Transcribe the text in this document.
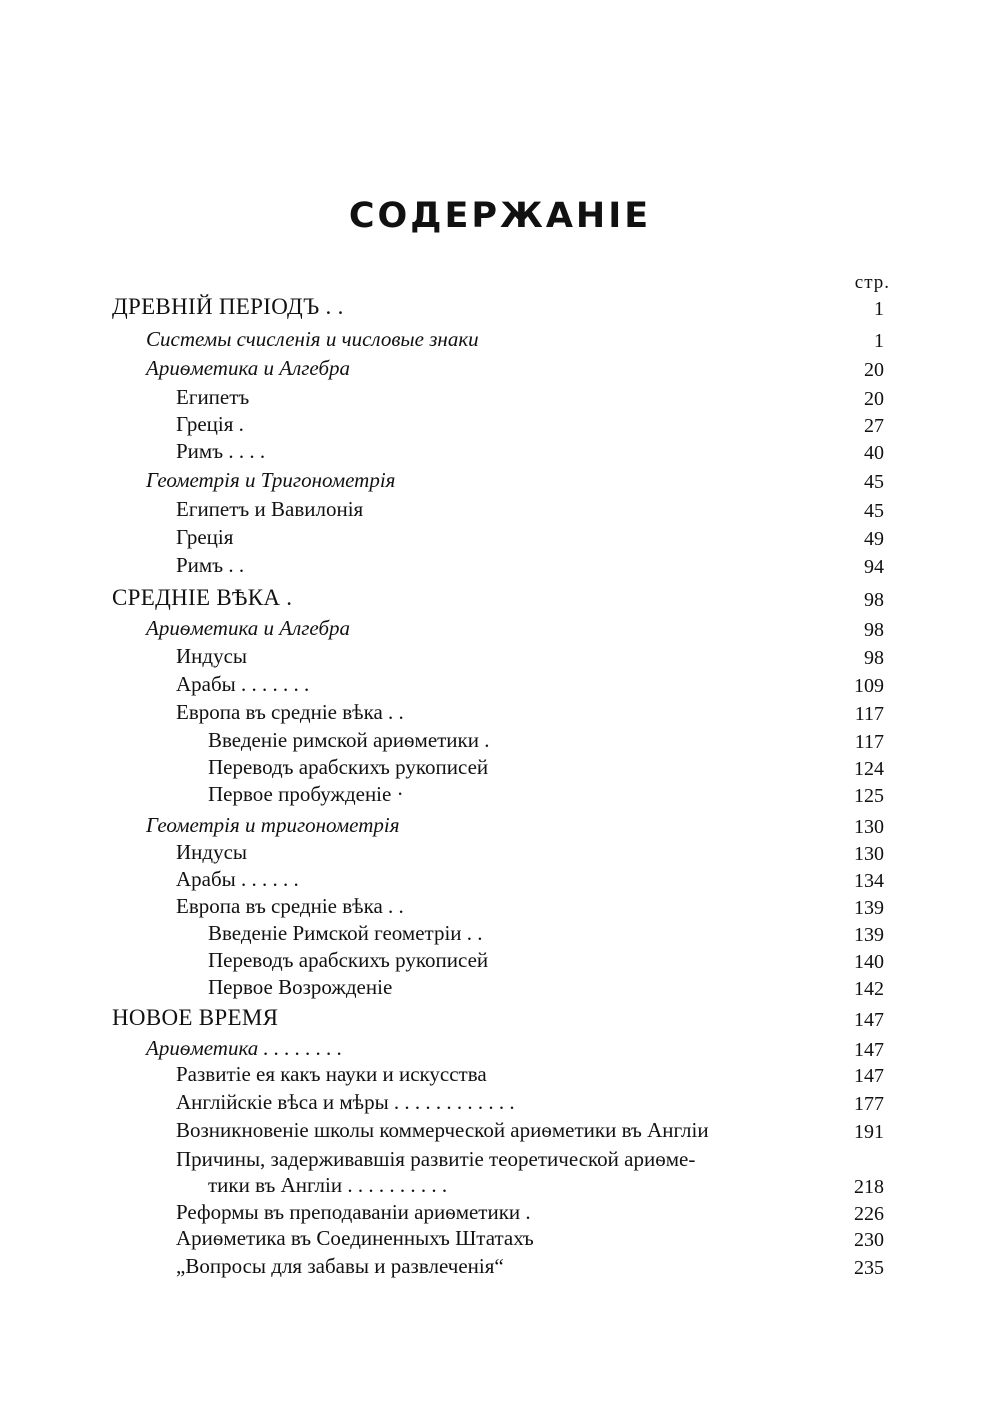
СОДЕРЖАНІЕ
стр.
ДРЕВНІЙ ПЕРІОДЪ . .	1
Системы счисленія и числовые знаки	1
Ариѳметика и Алгебра	20
Египетъ	20
Грецiя .	27
Римъ . . . .	40
Геометрія и Тригонометрія	45
Египетъ и Вавилонія	45
Греція	49
Римъ . .	94
СРЕДНІЕ ВѢКА .	98
Ариѳметика и Алгебра	98
Индусы	98
Арабы . . . . . . .	109
Европа въ средніе вѣка . .	117
Введеніе римской ариѳметики .	117
Переводъ арабскихъ рукописей	124
Первое пробужденіе ·	125
Геометрія и тригонометрія	130
Индусы	130
Арабы . . . . . .	134
Европа въ средніе вѣка . .	139
Введеніе Римской геометріи . .	139
Переводъ арабскихъ рукописей	140
Первое Возрожденіе	142
НОВОЕ ВРЕМЯ	147
Ариѳметика . . . . . . . .	147
Развитіе ея какъ науки и искусства	147
Англійскіе вѣса и мѣры . . . . . . . . . . . .	177
Возникновеніе школы коммерческой ариѳметики въ Англіи	191
Причины, задерживавшія развитіе теоретической ариѳме-
тики въ Англіи . . . . . . . . . .	218
Реформы въ преподаваніи ариѳметики .	226
Ариѳметика въ Соединенныхъ Штатахъ	230
„Вопросы для забавы и развлеченія“	235
